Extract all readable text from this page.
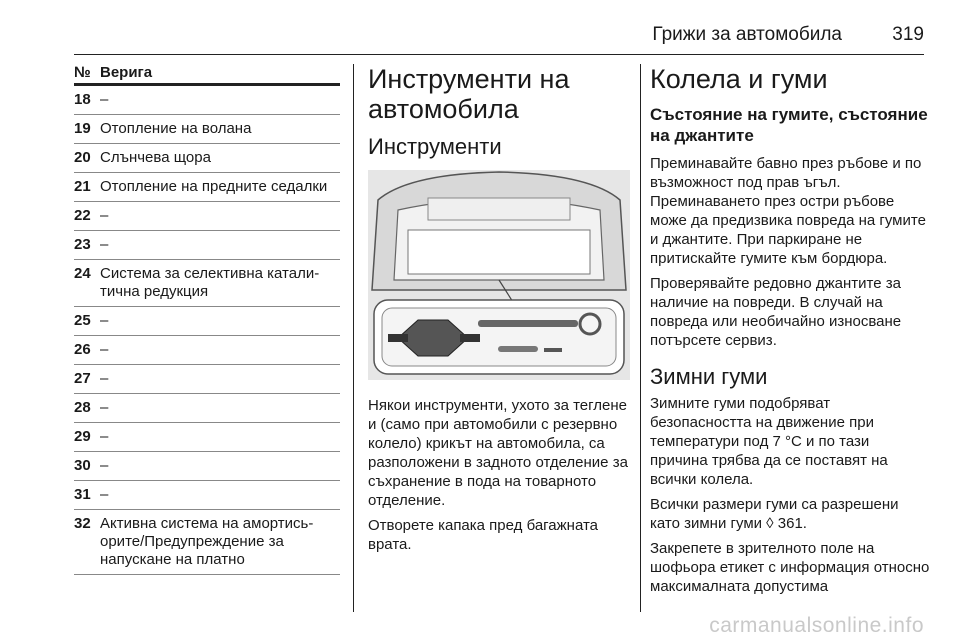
Грижи за автомобила	319
№ Верига
18 –
19 Отопление на волана
20 Слънчева щора
21 Отопление на предните седалки
22 –
23 –
24 Система за селективна катали-тична редукция
25 –
26 –
27 –
28 –
29 –
30 –
31 –
32 Активна система на амортись-орите/Предупреждение за напускане на платно
Инструменти на автомобила
Инструменти

Някои инструменти, ухото за теглене и (само при автомобили с резервно колело) крикът на автомобила, са разположени в задното отделение за съхранение в пода на товарното отделение.

Отворете капака пред багажната врата.

Колела и гуми
Състояние на гумите, състояние на джантите

Преминавайте бавно през ръбове и по възможност под прав ъгъл. Преминаването през остри ръбове може да предизвика повреда на гумите и джантите. При паркиране не притискайте гумите към бордюра.

Проверявайте редовно джантите за наличие на повреди. В случай на повреда или необичайно износване потърсете сервиз.

Зимни гуми

Зимните гуми подобряват безопасността на движение при температури под 7 °C и по тази причина трябва да се поставят на всички колела.

Всички размери гуми са разрешени като зимни гуми ◊ 361.

Закрепете в зрителното поле на шофьора етикет с информация относно максималната допустима

carmanualsonline.info
